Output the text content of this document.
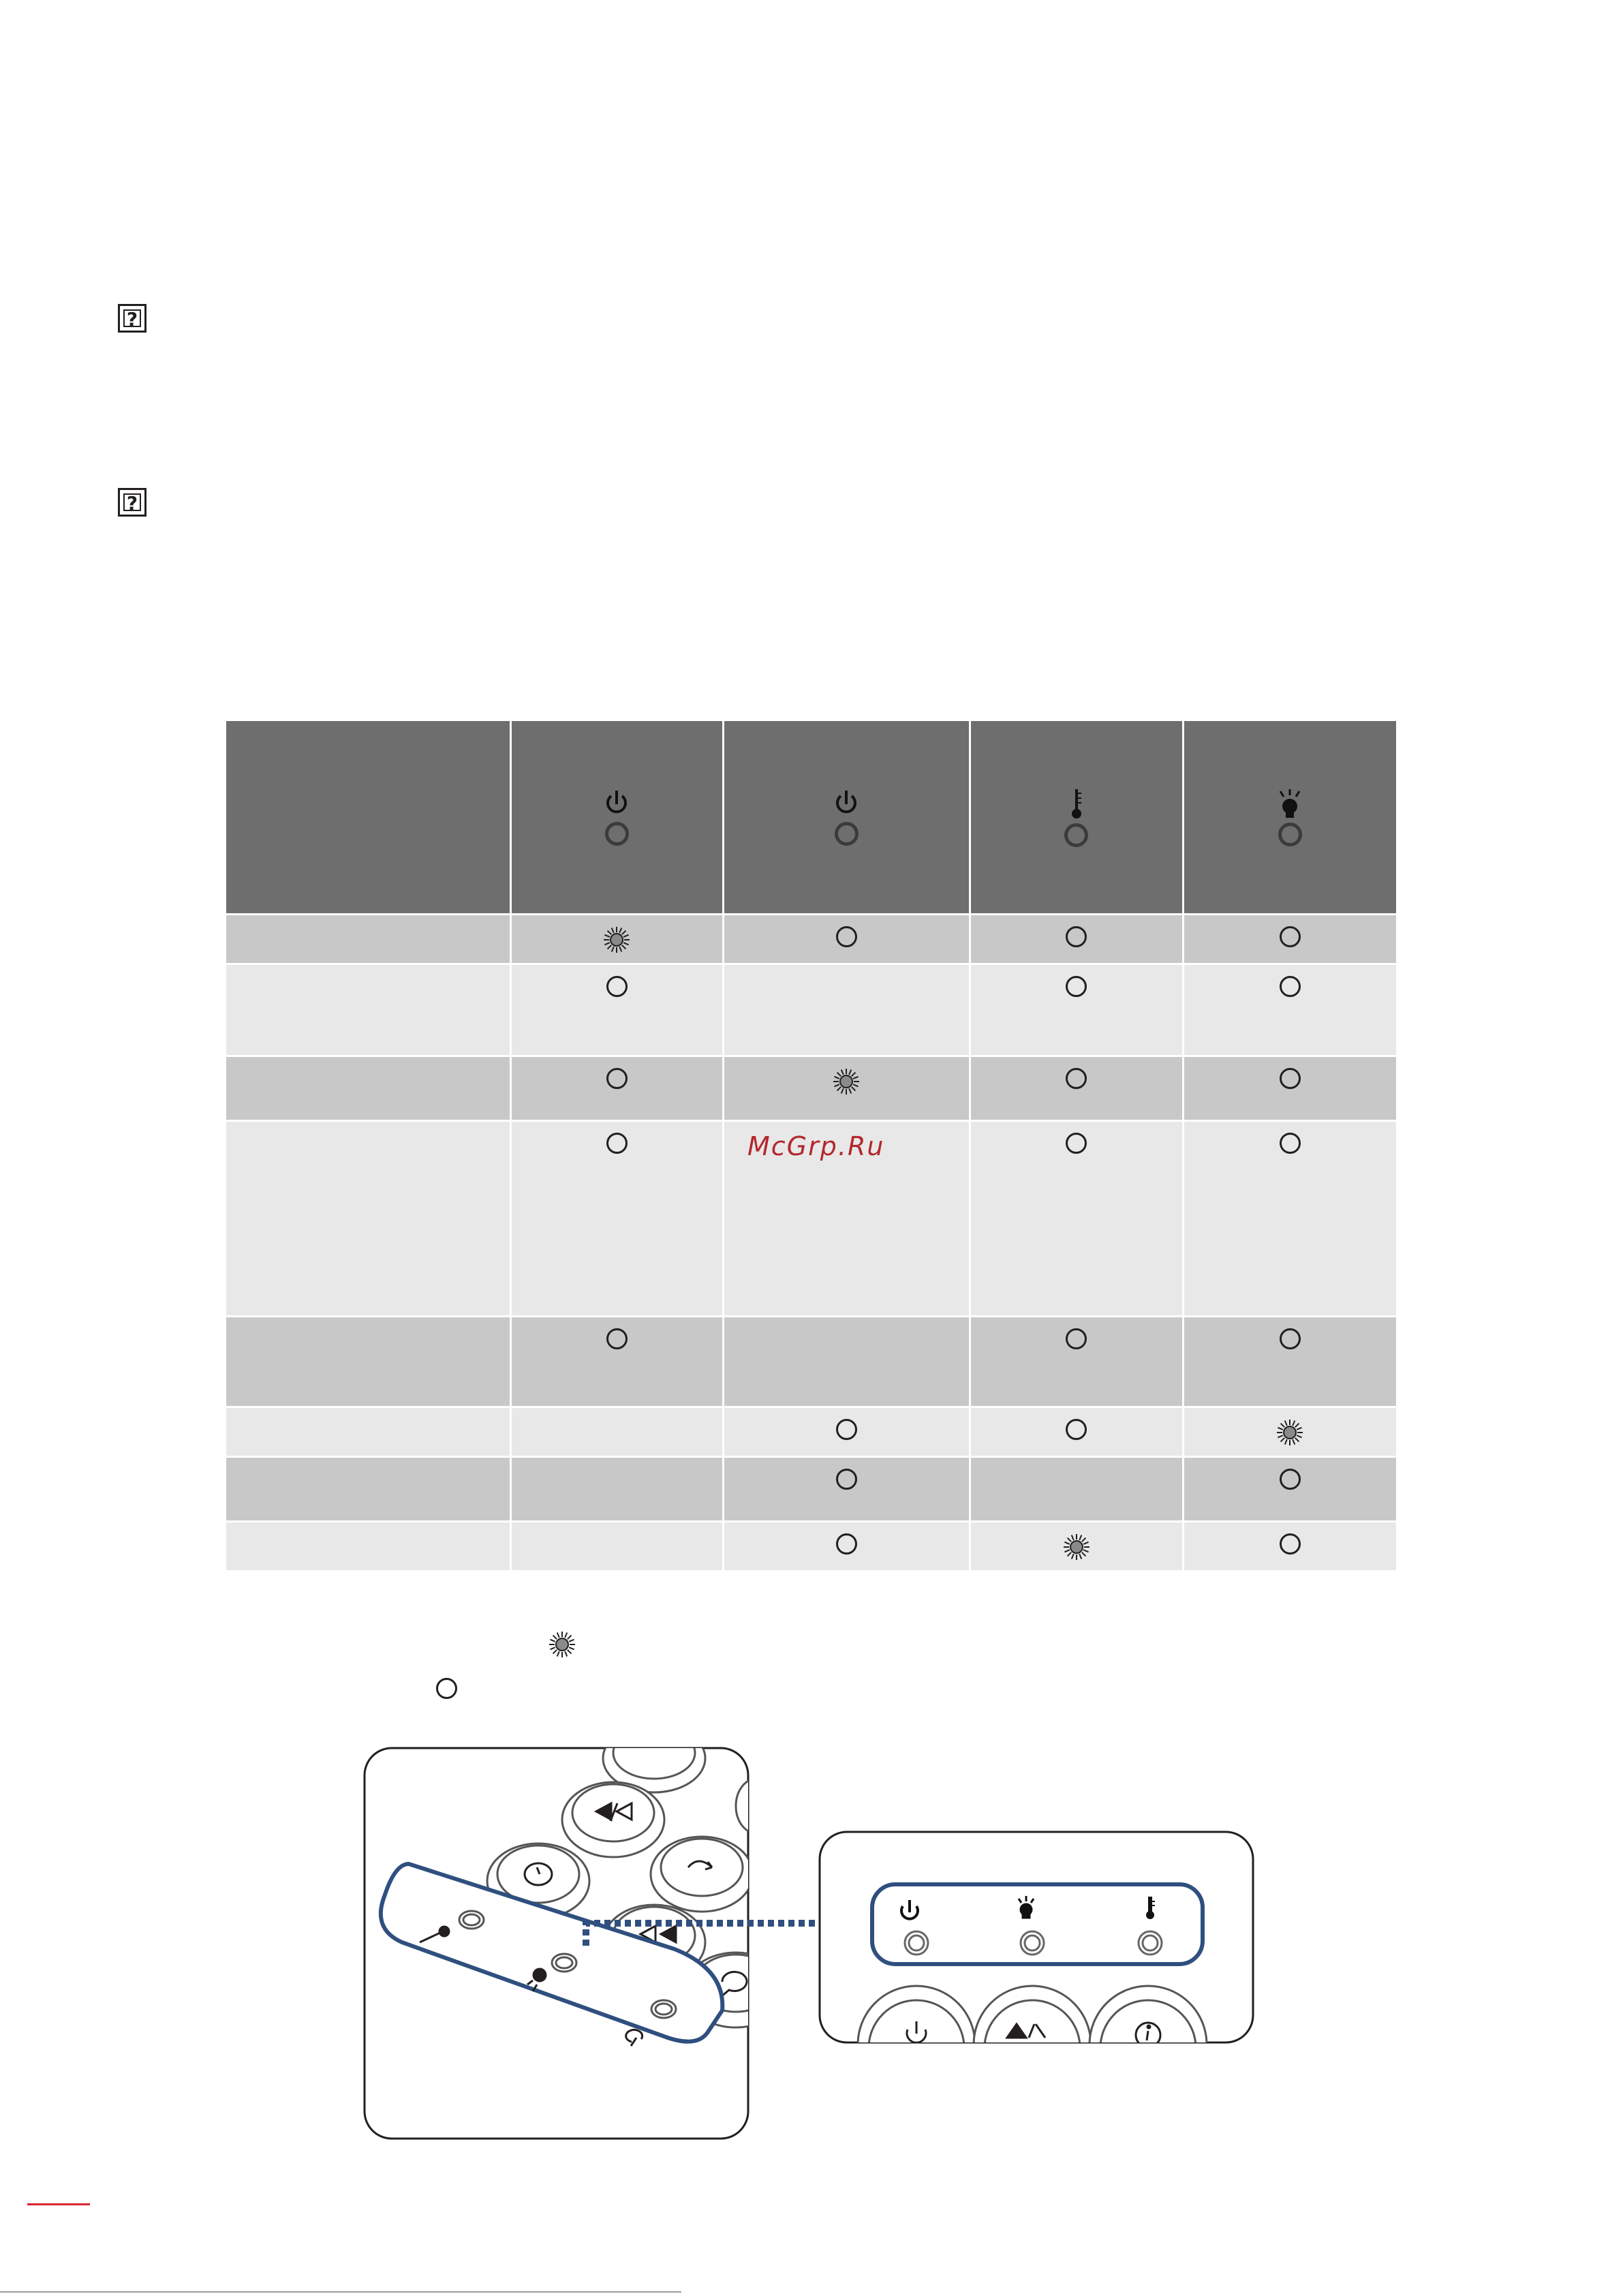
?
?

McGrp.Ru
